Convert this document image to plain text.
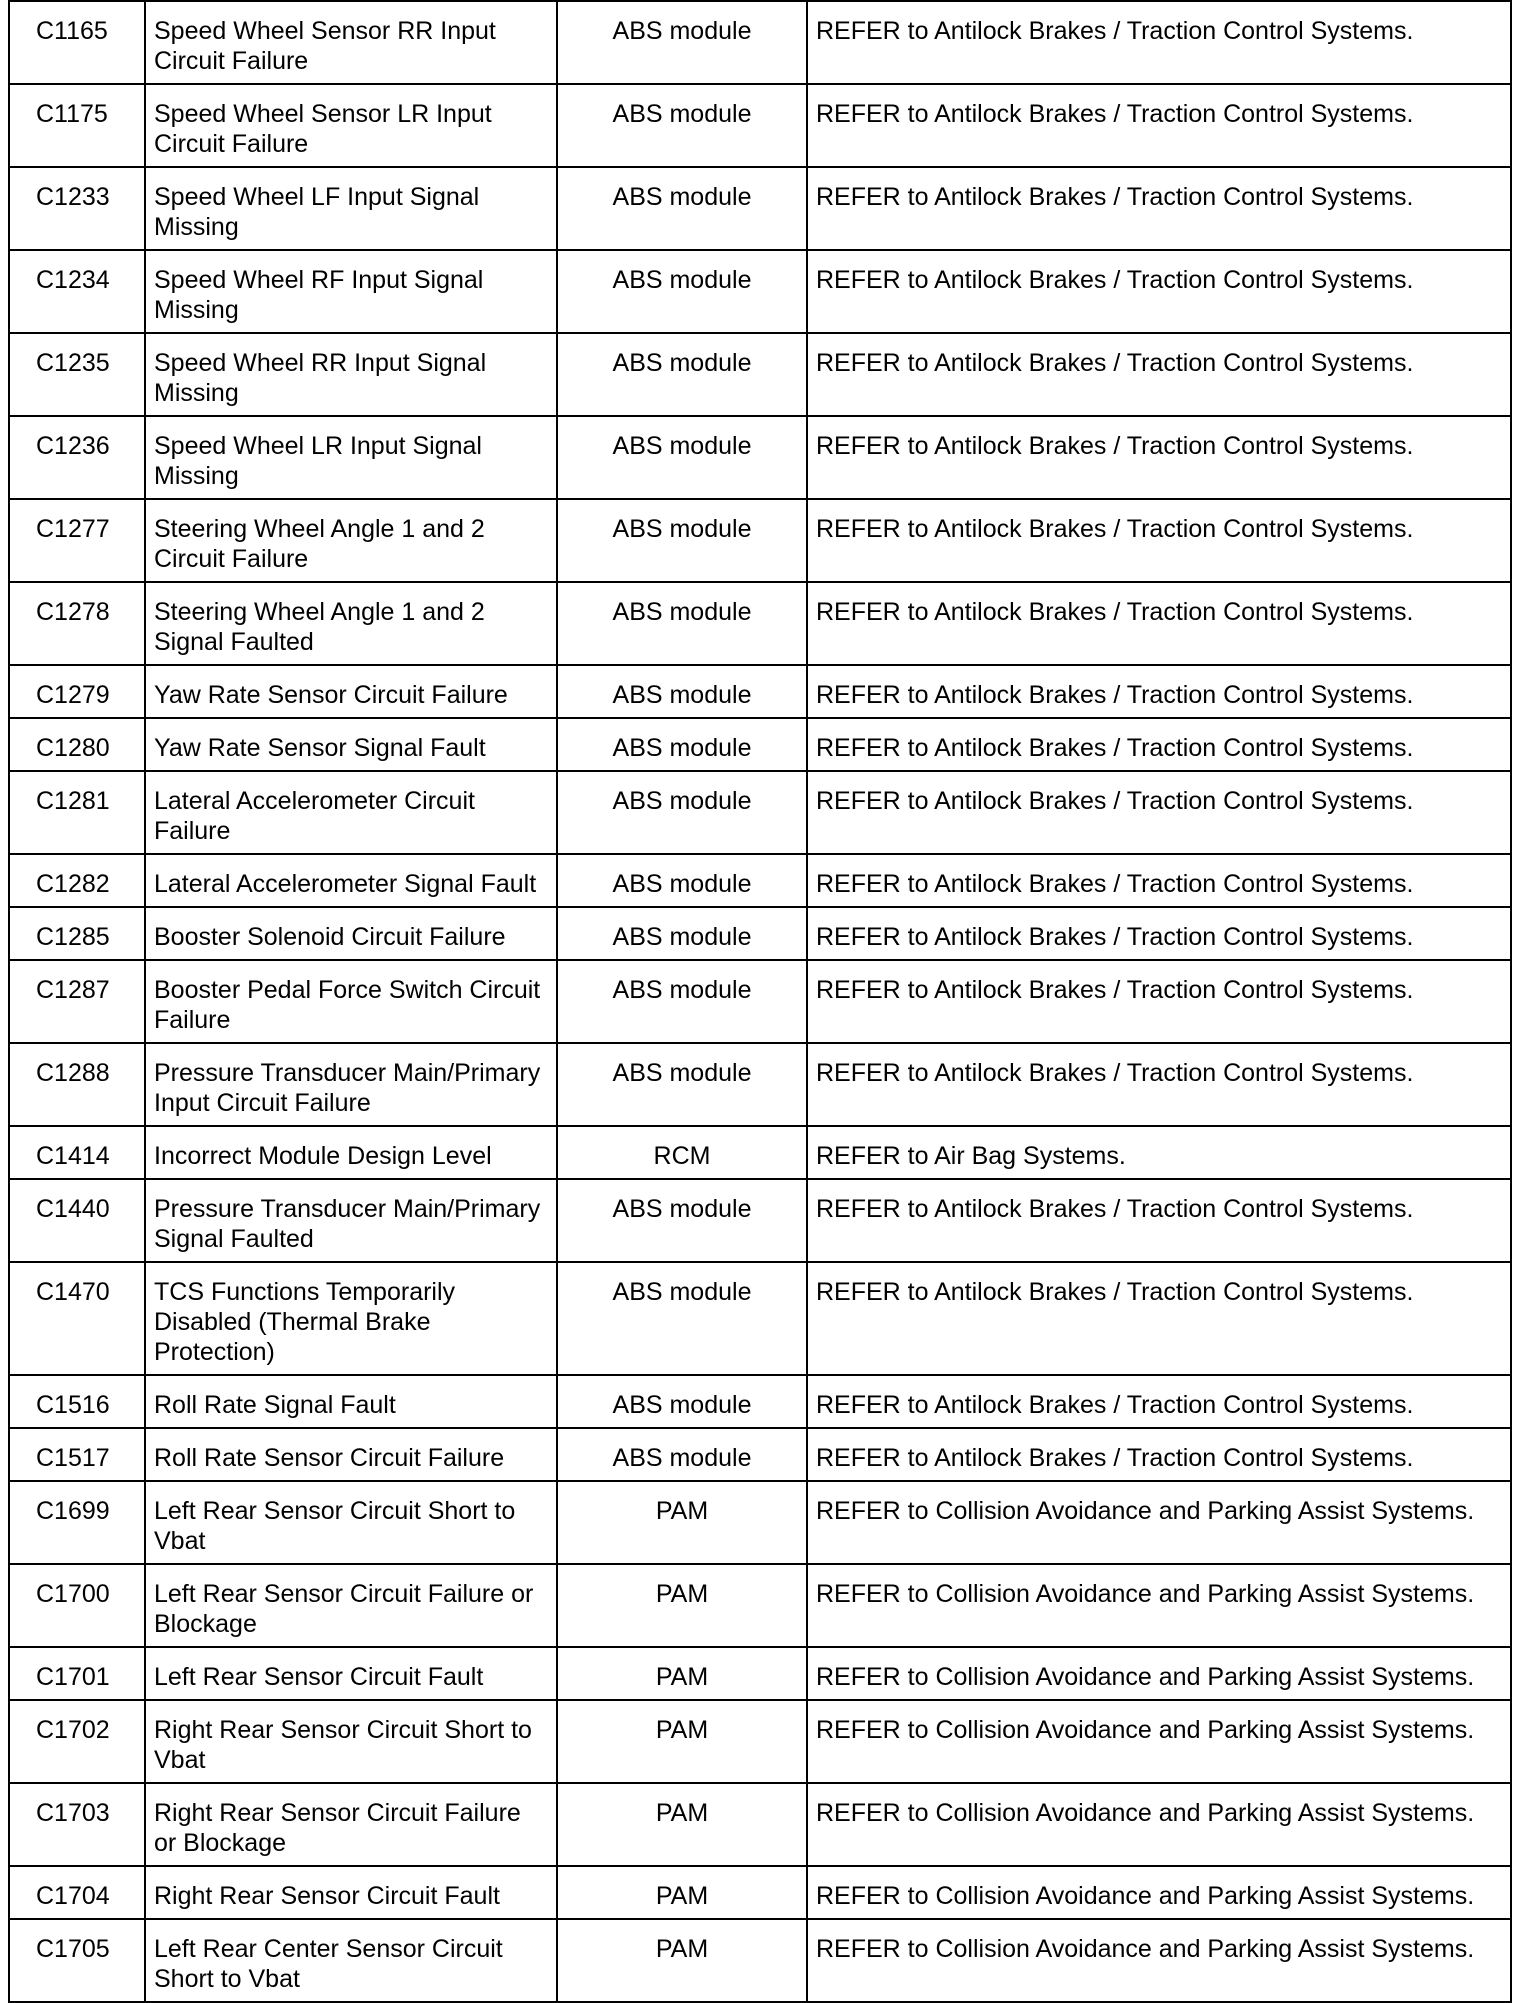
C1165	Speed Wheel Sensor RR Input Circuit Failure	ABS module	REFER to Antilock Brakes / Traction Control Systems.
C1175	Speed Wheel Sensor LR Input Circuit Failure	ABS module	REFER to Antilock Brakes / Traction Control Systems.
C1233	Speed Wheel LF Input Signal Missing	ABS module	REFER to Antilock Brakes / Traction Control Systems.
C1234	Speed Wheel RF Input Signal Missing	ABS module	REFER to Antilock Brakes / Traction Control Systems.
C1235	Speed Wheel RR Input Signal Missing	ABS module	REFER to Antilock Brakes / Traction Control Systems.
C1236	Speed Wheel LR Input Signal Missing	ABS module	REFER to Antilock Brakes / Traction Control Systems.
C1277	Steering Wheel Angle 1 and 2 Circuit Failure	ABS module	REFER to Antilock Brakes / Traction Control Systems.
C1278	Steering Wheel Angle 1 and 2 Signal Faulted	ABS module	REFER to Antilock Brakes / Traction Control Systems.
C1279	Yaw Rate Sensor Circuit Failure	ABS module	REFER to Antilock Brakes / Traction Control Systems.
C1280	Yaw Rate Sensor Signal Fault	ABS module	REFER to Antilock Brakes / Traction Control Systems.
C1281	Lateral Accelerometer Circuit Failure	ABS module	REFER to Antilock Brakes / Traction Control Systems.
C1282	Lateral Accelerometer Signal Fault	ABS module	REFER to Antilock Brakes / Traction Control Systems.
C1285	Booster Solenoid Circuit Failure	ABS module	REFER to Antilock Brakes / Traction Control Systems.
C1287	Booster Pedal Force Switch Circuit Failure	ABS module	REFER to Antilock Brakes / Traction Control Systems.
C1288	Pressure Transducer Main/Primary Input Circuit Failure	ABS module	REFER to Antilock Brakes / Traction Control Systems.
C1414	Incorrect Module Design Level	RCM	REFER to Air Bag Systems.
C1440	Pressure Transducer Main/Primary Signal Faulted	ABS module	REFER to Antilock Brakes / Traction Control Systems.
C1470	TCS Functions Temporarily Disabled (Thermal Brake Protection)	ABS module	REFER to Antilock Brakes / Traction Control Systems.
C1516	Roll Rate Signal Fault	ABS module	REFER to Antilock Brakes / Traction Control Systems.
C1517	Roll Rate Sensor Circuit Failure	ABS module	REFER to Antilock Brakes / Traction Control Systems.
C1699	Left Rear Sensor Circuit Short to Vbat	PAM	REFER to Collision Avoidance and Parking Assist Systems.
C1700	Left Rear Sensor Circuit Failure or Blockage	PAM	REFER to Collision Avoidance and Parking Assist Systems.
C1701	Left Rear Sensor Circuit Fault	PAM	REFER to Collision Avoidance and Parking Assist Systems.
C1702	Right Rear Sensor Circuit Short to Vbat	PAM	REFER to Collision Avoidance and Parking Assist Systems.
C1703	Right Rear Sensor Circuit Failure or Blockage	PAM	REFER to Collision Avoidance and Parking Assist Systems.
C1704	Right Rear Sensor Circuit Fault	PAM	REFER to Collision Avoidance and Parking Assist Systems.
C1705	Left Rear Center Sensor Circuit Short to Vbat	PAM	REFER to Collision Avoidance and Parking Assist Systems.
